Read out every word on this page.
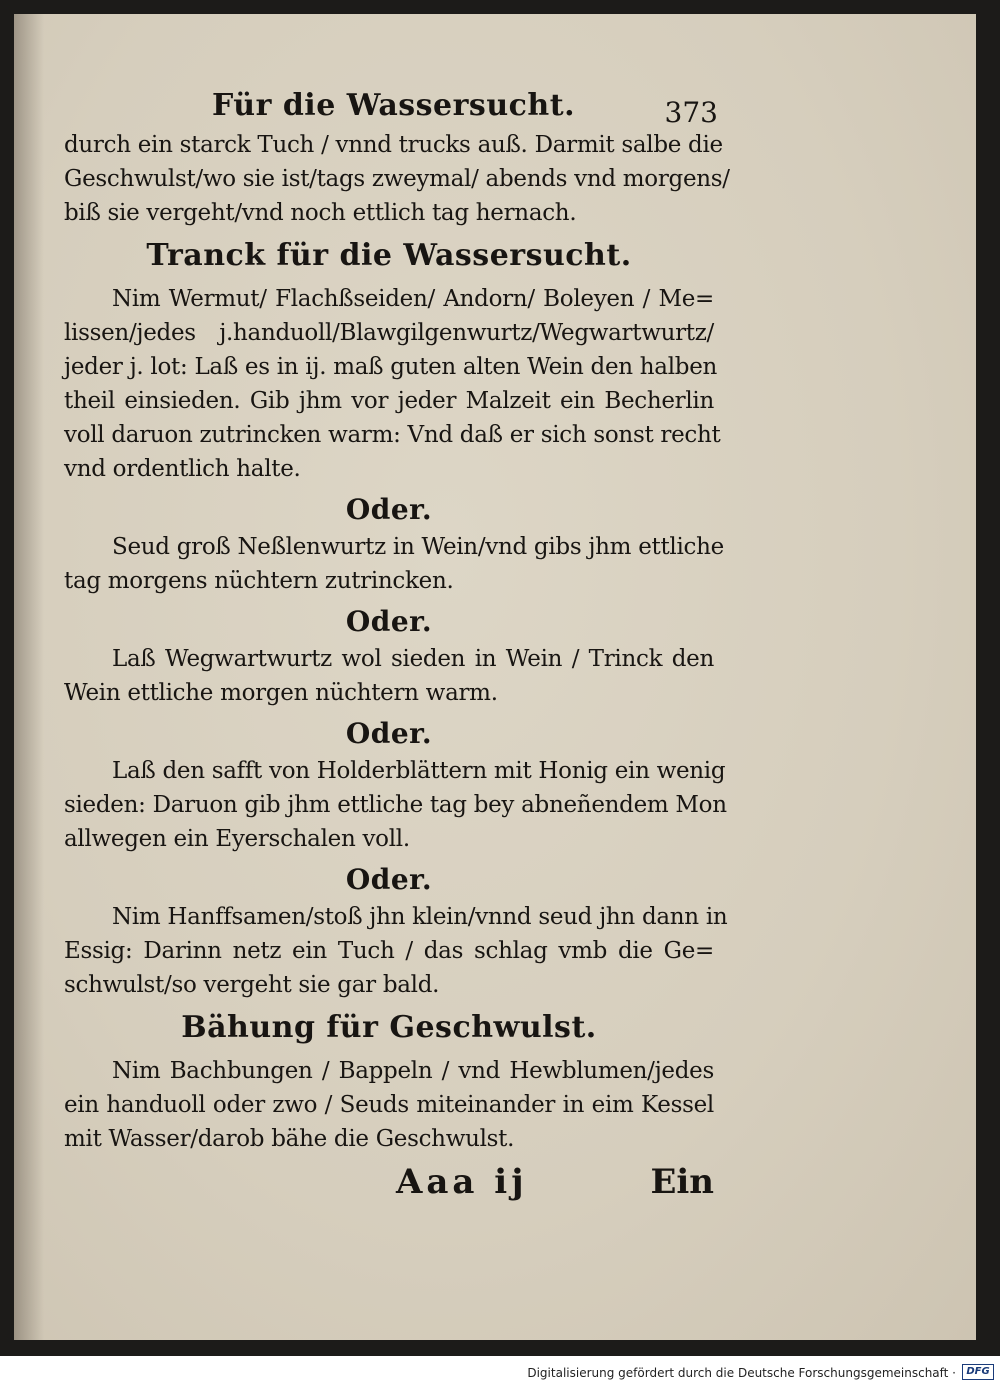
Für die Wassersucht.	373
durch ein starck Tuch / vnnd trucks auß. Darmit salbe die
Geschwulst/wo sie ist/tags zweymal/ abends vnd morgens/
biß sie vergeht/vnd noch ettlich tag hernach.
Tranck für die Wassersucht.
Nim Wermut/ Flachßseiden/ Andorn/ Boleyen / Me=
lissen/jedes j.handuoll/Blawgilgenwurtz/Wegwartwurtz/
jeder j. lot: Laß es in ij. maß guten alten Wein den halben
theil einsieden. Gib jhm vor jeder Malzeit ein Becherlin
voll daruon zutrincken warm: Vnd daß er sich sonst recht
vnd ordentlich halte.
Oder.
Seud groß Neßlenwurtz in Wein/vnd gibs jhm ettliche
tag morgens nüchtern zutrincken.
Oder.
Laß Wegwartwurtz wol sieden in Wein / Trinck den
Wein ettliche morgen nüchtern warm.
Oder.
Laß den safft von Holderblättern mit Honig ein wenig
sieden: Daruon gib jhm ettliche tag bey abneñendem Mon
allwegen ein Eyerschalen voll.
Oder.
Nim Hanffsamen/stoß jhn klein/vnnd seud jhn dann in
Essig: Darinn netz ein Tuch / das schlag vmb die Ge=
schwulst/so vergeht sie gar bald.
Bähung für Geschwulst.
Nim Bachbungen / Bappeln / vnd Hewblumen/jedes
ein handuoll oder zwo / Seuds miteinander in eim Kessel
mit Wasser/darob bähe die Geschwulst.
Aaa ij	Ein
Digitalisierung gefördert durch die Deutsche Forschungsgemeinschaft ·	DFG
